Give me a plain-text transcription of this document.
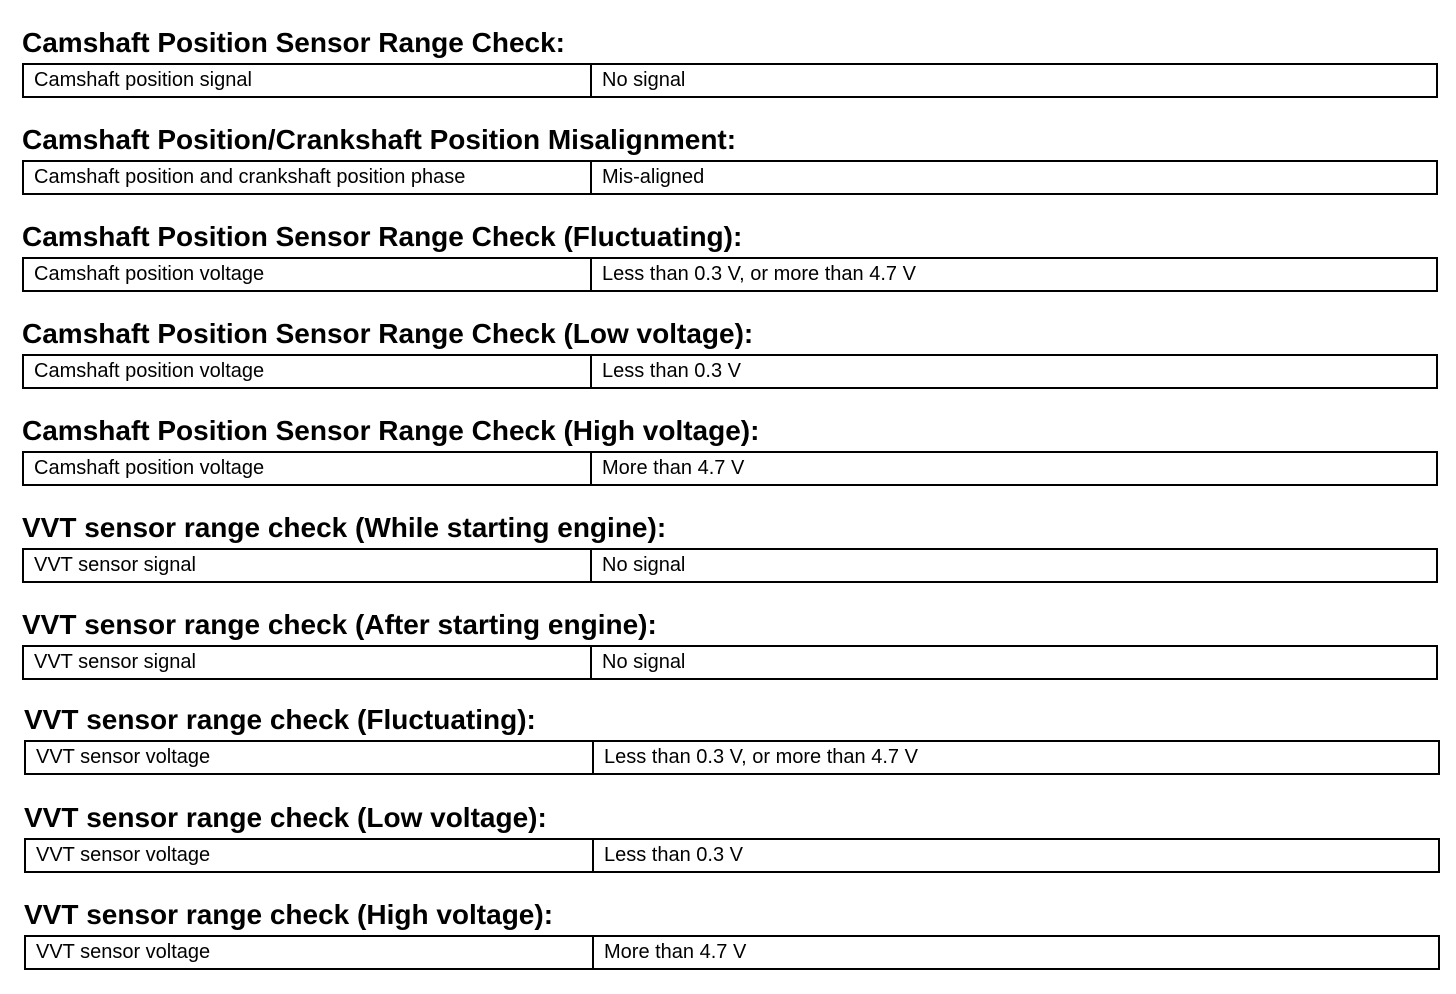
Camshaft Position Sensor Range Check:
Camshaft position signal	No signal
Camshaft Position/Crankshaft Position Misalignment:
Camshaft position and crankshaft position phase	Mis-aligned
Camshaft Position Sensor Range Check (Fluctuating):
Camshaft position voltage	Less than 0.3 V, or more than 4.7 V
Camshaft Position Sensor Range Check (Low voltage):
Camshaft position voltage	Less than 0.3 V
Camshaft Position Sensor Range Check (High voltage):
Camshaft position voltage	More than 4.7 V
VVT sensor range check (While starting engine):
VVT sensor signal	No signal
VVT sensor range check (After starting engine):
VVT sensor signal	No signal
VVT sensor range check (Fluctuating):
VVT sensor voltage	Less than 0.3 V, or more than 4.7 V
VVT sensor range check (Low voltage):
VVT sensor voltage	Less than 0.3 V
VVT sensor range check (High voltage):
VVT sensor voltage	More than 4.7 V
